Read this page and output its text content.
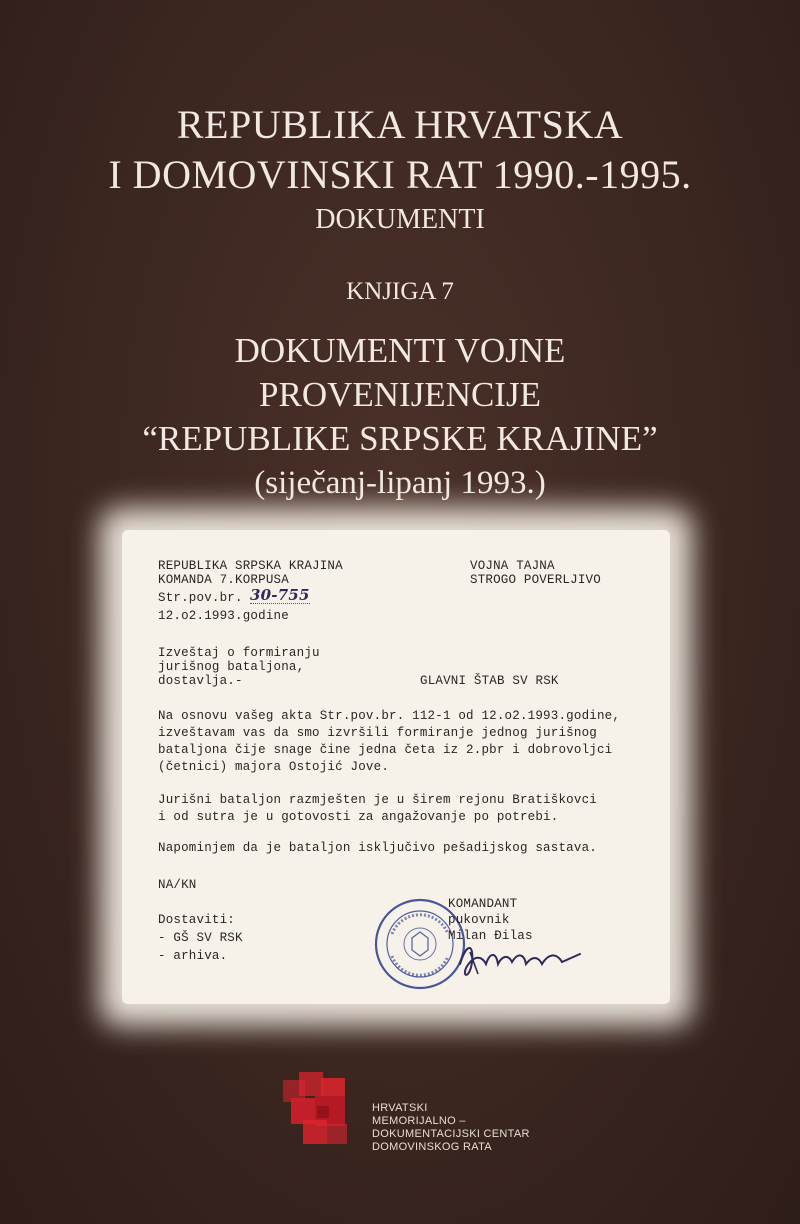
REPUBLIKA HRVATSKA
I DOMOVINSKI RAT 1990.-1995.
DOKUMENTI
KNJIGA 7
DOKUMENTI VOJNE
PROVENIJENCIJE
“REPUBLIKE SRPSKE KRAJINE”
(siječanj-lipanj 1993.)
REPUBLIKA SRPSKA KRAJINA
KOMANDA 7.KORPUSA
VOJNA TAJNA
STROGO POVERLJIVO
Str.pov.br. 30-755
12.o2.1993.godine
Izveštaj o formiranju
jurišnog bataljona,
dostavlja.-	GLAVNI ŠTAB SV RSK
Na osnovu vašeg akta Str.pov.br. 112-1 od 12.o2.1993.godine,
izveštavam vas da smo izvršili formiranje jednog jurišnog
bataljona čije snage čine jedna četa iz 2.pbr i dobrovoljci
(četnici) majora Ostojić Jove.
Jurišni bataljon razmješten je u širem rejonu Bratiškovci
i od sutra je u gotovosti za angažovanje po potrebi.
Napominjem da je bataljon isključivo pešadijskog sastava.
NA/KN
Dostaviti:
- GŠ SV RSK
- arhiva.
KOMANDANT
pukovnik
Milan Đilas
HRVATSKI
MEMORIJALNO –
DOKUMENTACIJSKI CENTAR
DOMOVINSKOG RATA
